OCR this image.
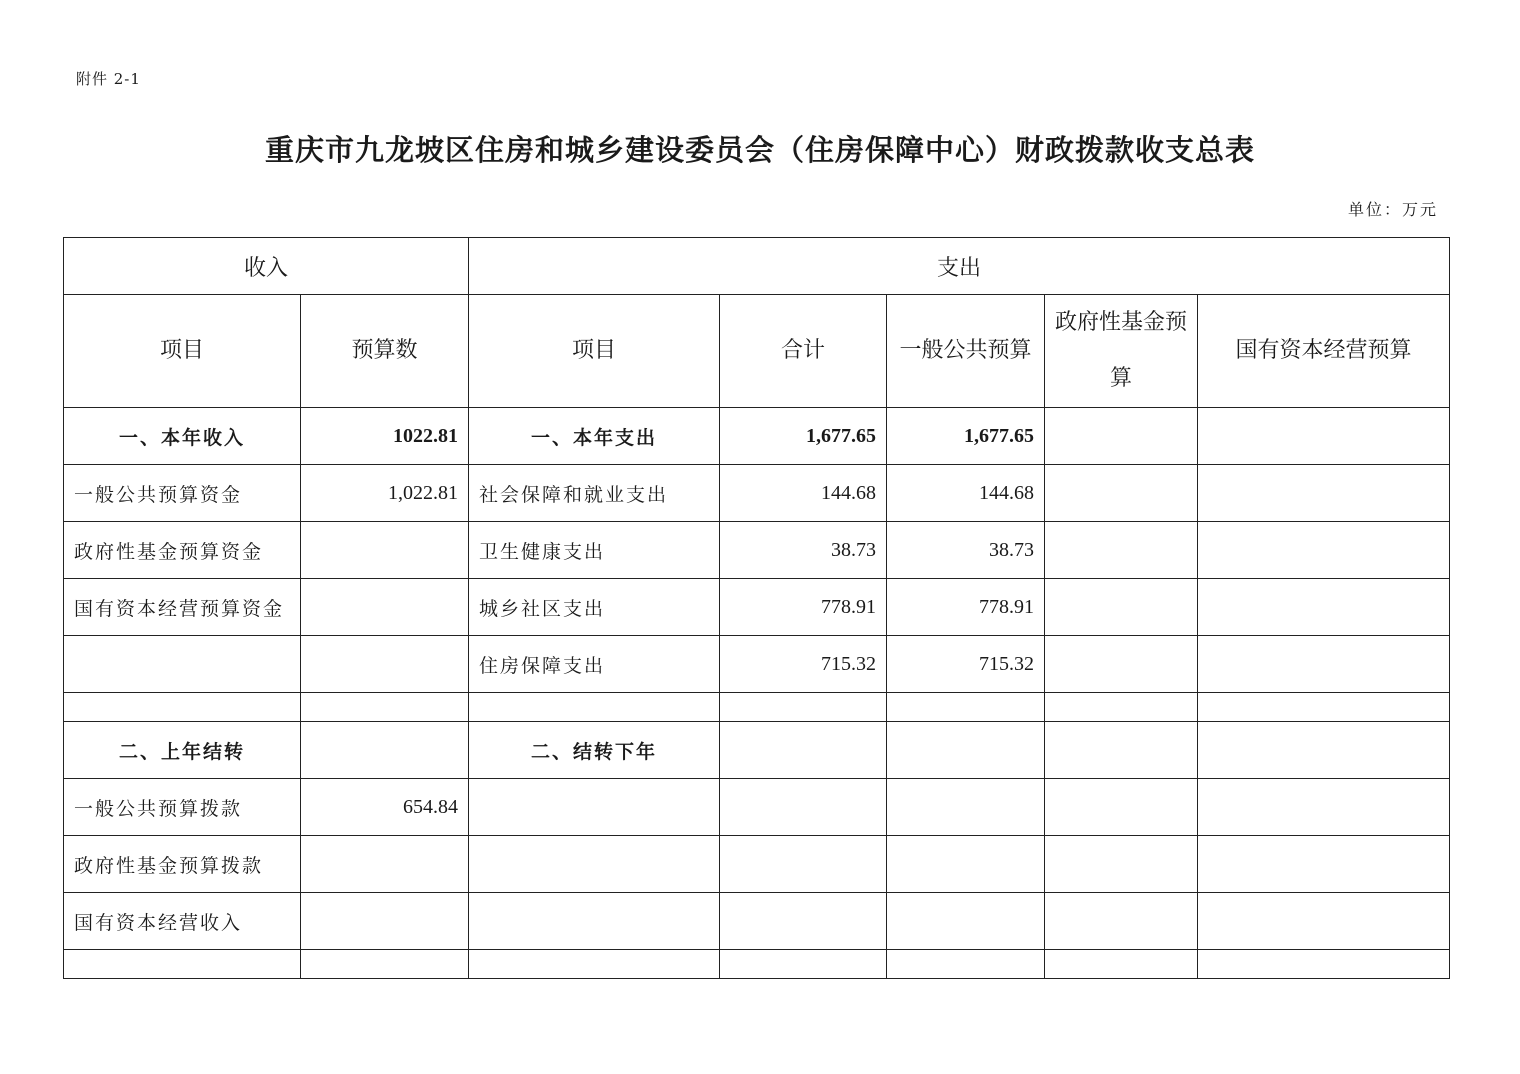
附件 2-1
重庆市九龙坡区住房和城乡建设委员会（住房保障中心）财政拨款收支总表
单位：万元
收入		支出				
项目	预算数	项目	合计	一般公共预算	政府性基金预算	国有资本经营预算
一、本年收入	1022.81	一、本年支出	1,677.65	1,677.65		
一般公共预算资金	1,022.81	社会保障和就业支出	144.68	144.68		
政府性基金预算资金		卫生健康支出	38.73	38.73		
国有资本经营预算资金		城乡社区支出	778.91	778.91		
		住房保障支出	715.32	715.32		

二、上年结转		二、结转下年				
一般公共预算拨款	654.84					
政府性基金预算拨款						
国有资本经营收入						
